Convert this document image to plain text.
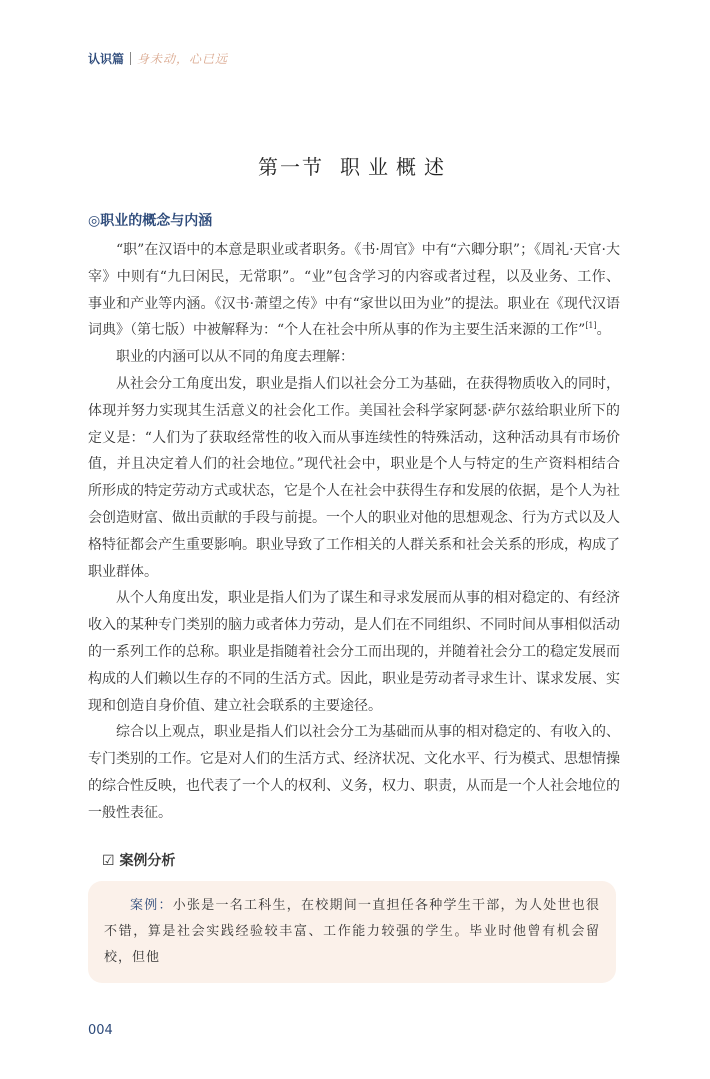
认识篇 身未动，心已远
第一节 职业概述
◎职业的概念与内涵

“职”在汉语中的本意是职业或者职务。《书·周官》中有“六卿分职”；《周礼·天官·大宰》中则有“九曰闲民，无常职”。“业”包含学习的内容或者过程，以及业务、工作、事业和产业等内涵。《汉书·萧望之传》中有“家世以田为业”的提法。职业在《现代汉语词典》（第七版）中被解释为：“个人在社会中所从事的作为主要生活来源的工作”[1]。

职业的内涵可以从不同的角度去理解：

从社会分工角度出发，职业是指人们以社会分工为基础，在获得物质收入的同时，体现并努力实现其生活意义的社会化工作。美国社会科学家阿瑟·萨尔兹给职业所下的定义是：“人们为了获取经常性的收入而从事连续性的特殊活动，这种活动具有市场价值，并且决定着人们的社会地位。”现代社会中，职业是个人与特定的生产资料相结合所形成的特定劳动方式或状态，它是个人在社会中获得生存和发展的依据，是个人为社会创造财富、做出贡献的手段与前提。一个人的职业对他的思想观念、行为方式以及人格特征都会产生重要影响。职业导致了工作相关的人群关系和社会关系的形成，构成了职业群体。

从个人角度出发，职业是指人们为了谋生和寻求发展而从事的相对稳定的、有经济收入的某种专门类别的脑力或者体力劳动，是人们在不同组织、不同时间从事相似活动的一系列工作的总称。职业是指随着社会分工而出现的，并随着社会分工的稳定发展而构成的人们赖以生存的不同的生活方式。因此，职业是劳动者寻求生计、谋求发展、实现和创造自身价值、建立社会联系的主要途径。

综合以上观点，职业是指人们以社会分工为基础而从事的相对稳定的、有收入的、专门类别的工作。它是对人们的生活方式、经济状况、文化水平、行为模式、思想情操的综合性反映，也代表了一个人的权利、义务，权力、职责，从而是一个人社会地位的一般性表征。

☑ 案例分析
案例：小张是一名工科生，在校期间一直担任各种学生干部，为人处世也很不错，算是社会实践经验较丰富、工作能力较强的学生。毕业时他曾有机会留校，但他
004
